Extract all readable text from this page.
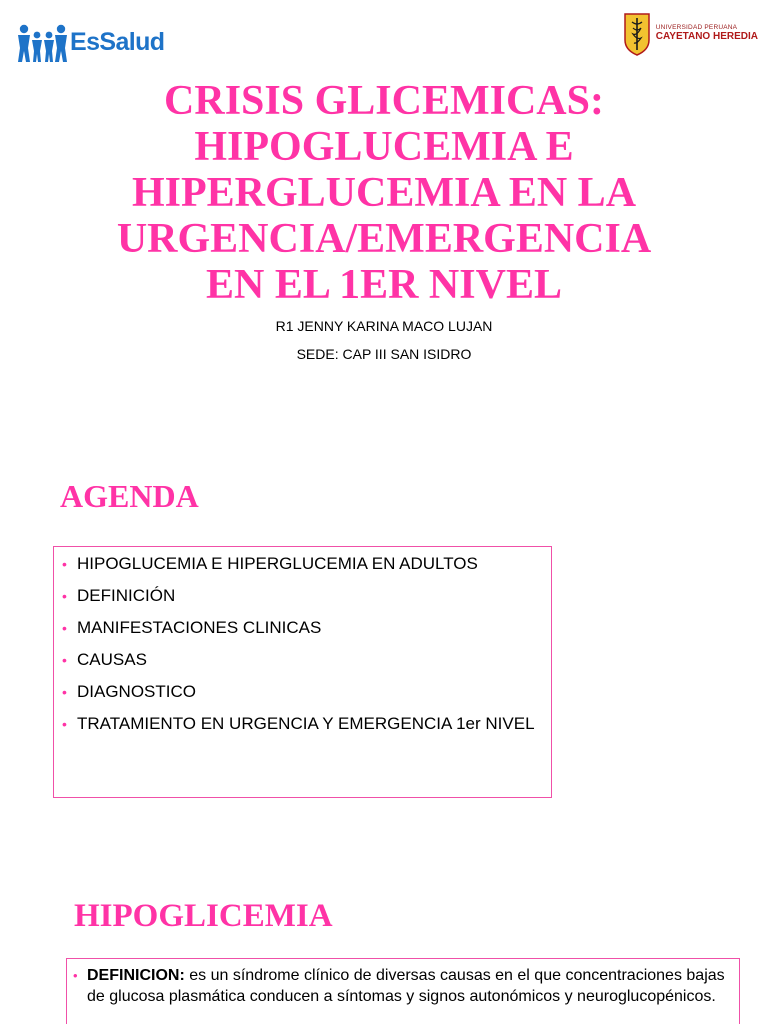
EsSalud	UNIVERSIDAD PERUANA
CAYETANO HEREDIA
CRISIS GLICEMICAS:
HIPOGLUCEMIA E
HIPERGLUCEMIA EN LA
URGENCIA/EMERGENCIA
EN EL 1ER NIVEL
R1 JENNY KARINA MACO LUJAN
SEDE: CAP III SAN ISIDRO
AGENDA
• HIPOGLUCEMIA E HIPERGLUCEMIA EN ADULTOS
• DEFINICIÓN
• MANIFESTACIONES CLINICAS
• CAUSAS
• DIAGNOSTICO
• TRATAMIENTO EN URGENCIA Y EMERGENCIA 1er NIVEL
HIPOGLICEMIA

• DEFINICION: es un síndrome clínico de diversas causas en el que concentraciones bajas de glucosa plasmática conducen a síntomas y signos autonómicos y neuroglucopénicos.
